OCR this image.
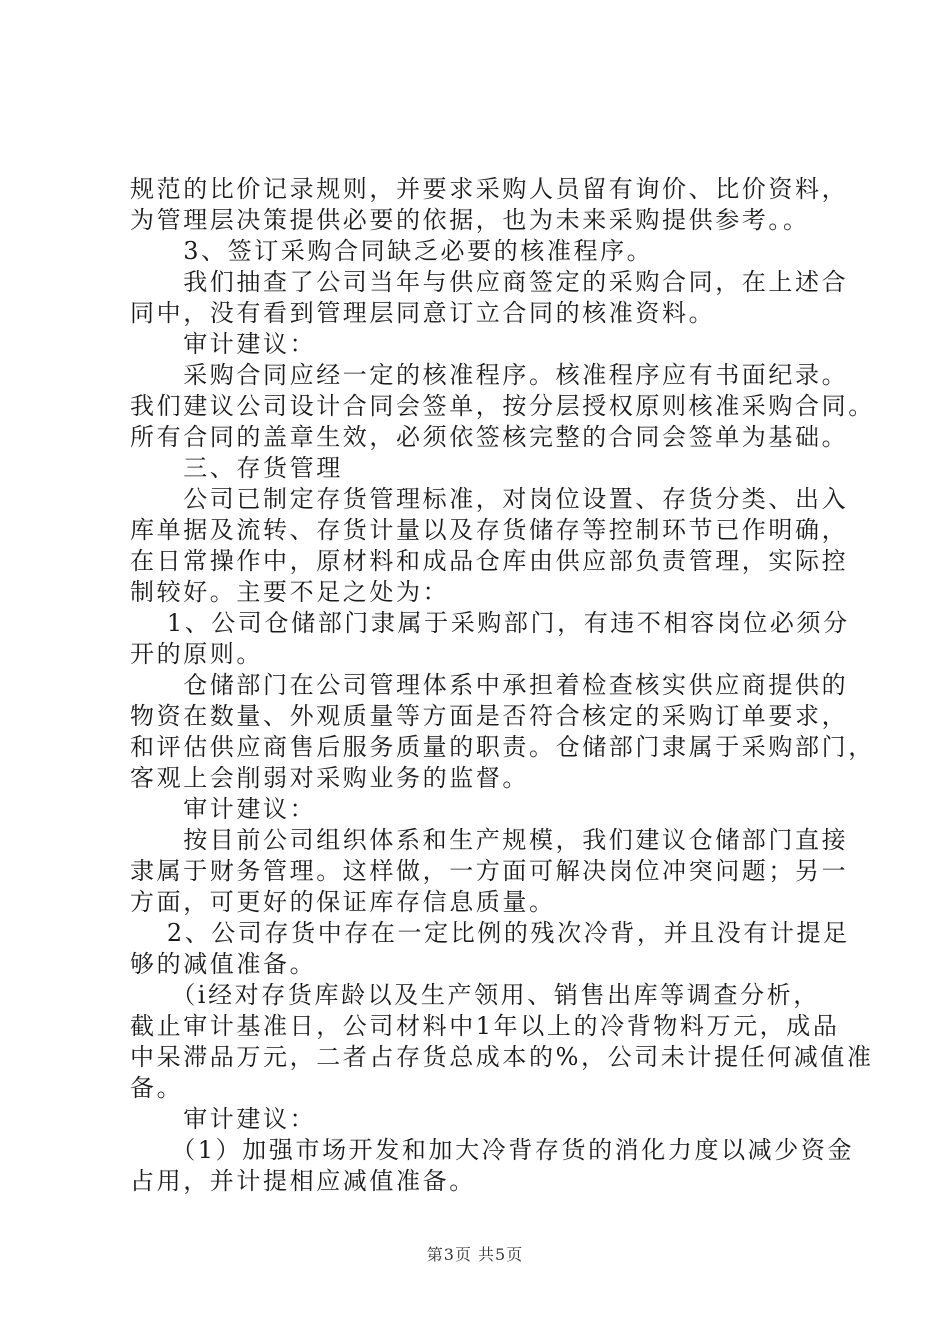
规范的比价记录规则，并要求采购人员留有询价、比价资料，
为管理层决策提供必要的依据，也为未来采购提供参考。。
　　3、签订采购合同缺乏必要的核准程序。
　　我们抽查了公司当年与供应商签定的采购合同，在上述合
同中，没有看到管理层同意订立合同的核准资料。
　　审计建议：
　　采购合同应经一定的核准程序。核准程序应有书面纪录。
我们建议公司设计合同会签单，按分层授权原则核准采购合同。
所有合同的盖章生效，必须依签核完整的合同会签单为基础。
　　三、存货管理
　　公司已制定存货管理标准，对岗位设置、存货分类、出入
库单据及流转、存货计量以及存货储存等控制环节已作明确，
在日常操作中，原材料和成品仓库由供应部负责管理，实际控
制较好。主要不足之处为：
　 1、公司仓储部门隶属于采购部门，有违不相容岗位必须分
开的原则。
　　仓储部门在公司管理体系中承担着检查核实供应商提供的
物资在数量、外观质量等方面是否符合核定的采购订单要求，
和评估供应商售后服务质量的职责。仓储部门隶属于采购部门，
客观上会削弱对采购业务的监督。
　　审计建议：
　　按目前公司组织体系和生产规模，我们建议仓储部门直接
隶属于财务管理。这样做，一方面可解决岗位冲突问题；另一
方面，可更好的保证库存信息质量。
　 2、公司存货中存在一定比例的残次冷背，并且没有计提足
够的减值准备。
　　（i经对存货库龄以及生产领用、销售出库等调查分析，
截止审计基准日，公司材料中1年以上的冷背物料万元，成品
中呆滞品万元，二者占存货总成本的%，公司未计提任何减值准
备。
　　审计建议：
　　（1）加强市场开发和加大冷背存货的消化力度以减少资金
占用，并计提相应减值准备。
第3页 共5页
